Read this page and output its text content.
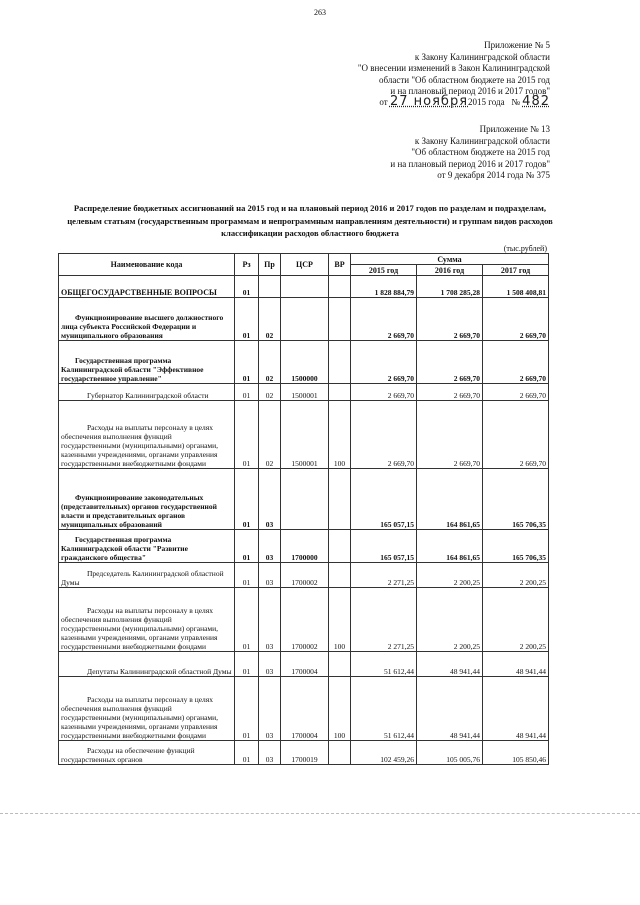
263
Приложение № 5
к Закону Калининградской области
"О внесении изменений в Закон Калининградской
области "Об областном бюджете на 2015 год
и на плановый период 2016 и 2017 годов"
от 27 ноября2015 года № 482
Приложение № 13
к Закону Калининградской области
"Об областном бюджете на 2015 год
и на плановый период 2016 и 2017 годов"
от 9 декабря 2014 года № 375
Распределение бюджетных ассигнований на 2015 год и на плановый период 2016 и 2017 годов по разделам и подразделам, целевым статьям (государственным программам и непрограммным направлениям деятельности) и группам видов расходов классификации расходов областного бюджета
(тыс.рублей)
Наименование кода	Рз	Пр	ЦСР	ВР	Сумма		
					2015 год	2016 год	2017 год
ОБЩЕГОСУДАРСТВЕННЫЕ ВОПРОСЫ	01				1 828 884,79	1 708 285,28	1 508 408,81
Функционирование высшего должностного лица субъекта Российской Федерации и муниципального образования	01	02			2 669,70	2 669,70	2 669,70
Государственная программа Калининградской области "Эффективное государственное управление"	01	02	1500000		2 669,70	2 669,70	2 669,70
Губернатор Калининградской области	01	02	1500001		2 669,70	2 669,70	2 669,70
Расходы на выплаты персоналу в целях обеспечения выполнения функций государственными (муниципальными) органами, казенными учреждениями, органами управления государственными внебюджетными фондами	01	02	1500001	100	2 669,70	2 669,70	2 669,70
Функционирование законодательных (представительных) органов государственной власти и представительных органов муниципальных образований	01	03			165 057,15	164 861,65	165 706,35
Государственная программа Калининградской области "Развитие гражданского общества"	01	03	1700000		165 057,15	164 861,65	165 706,35
Председатель Калининградской областной Думы	01	03	1700002		2 271,25	2 200,25	2 200,25
Расходы на выплаты персоналу в целях обеспечения выполнения функций государственными (муниципальными) органами, казенными учреждениями, органами управления государственными внебюджетными фондами	01	03	1700002	100	2 271,25	2 200,25	2 200,25
Депутаты Калининградской областной Думы	01	03	1700004		51 612,44	48 941,44	48 941,44
Расходы на выплаты персоналу в целях обеспечения выполнения функций государственными (муниципальными) органами, казенными учреждениями, органами управления государственными внебюджетными фондами	01	03	1700004	100	51 612,44	48 941,44	48 941,44
Расходы на обеспечение функций государственных органов	01	03	1700019		102 459,26	105 005,76	105 850,46
